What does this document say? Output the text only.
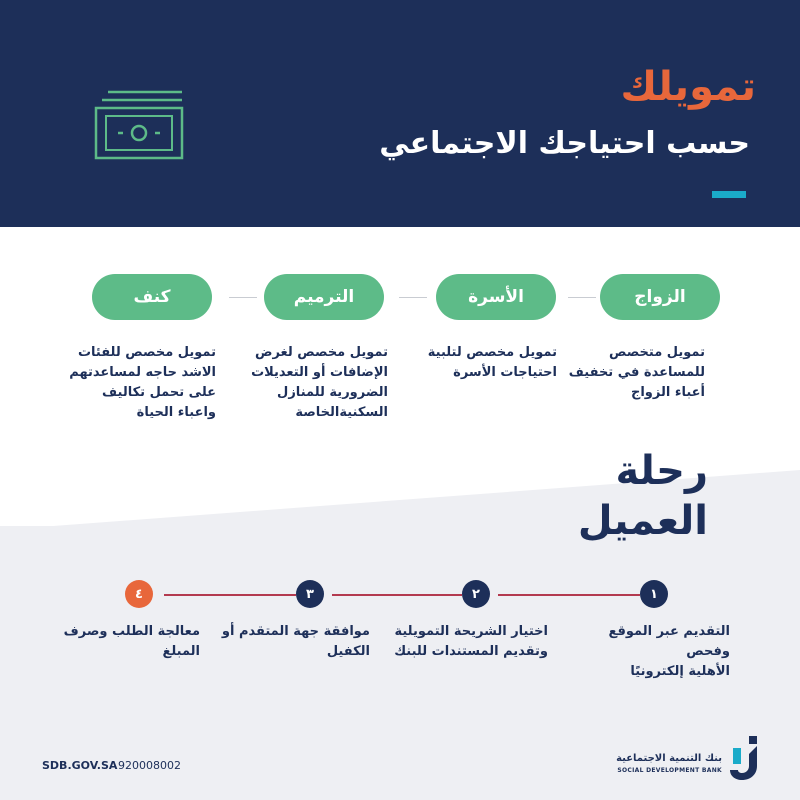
تمويلك
حسب احتياجك الاجتماعي
الزواج
الأسرة
الترميم
كنف
تمويل متخصص
للمساعدة في تخفيف
أعباء الزواج
تمويل مخصص لتلبية
احتياجات الأسرة
تمويل مخصص لغرض
الإضافات أو التعديلات
الضرورية للمنازل
السكنيةالخاصة
تمويل مخصص للفئات
الاشد حاجه لمساعدتهم
على تحمل تكاليف
واعباء الحياة
رحلة
العميل
١
٢
٣
٤
التقديم عبر الموقع وفحص
الأهلية إلكترونيًا
اختيار الشريحة التمويلية
وتقديم المستندات للبنك
موافقة جهة المتقدم أو
الكفيل
معالجة الطلب وصرف
المبلغ
SDB.GOV.SA 920008002
بنك التنمية الاجتماعية
SOCIAL DEVELOPMENT BANK
